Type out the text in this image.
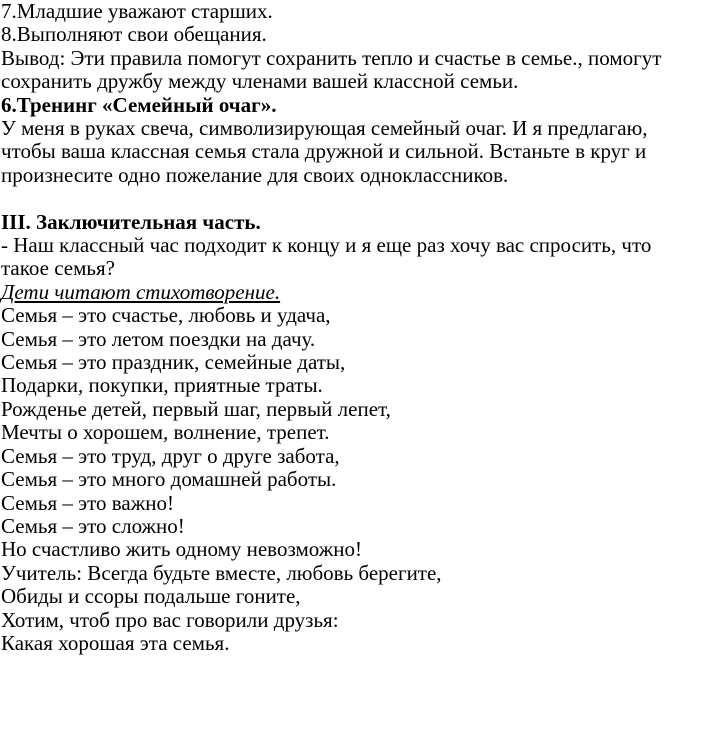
7.Младшие уважают старших.
8.Выполняют свои обещания.
Вывод: Эти правила помогут сохранить тепло и счастье в семье., помогут
сохранить дружбу между членами вашей классной семьи.
6.Тренинг «Семейный очаг».
У меня в руках свеча, символизирующая семейный очаг. И я предлагаю,
чтобы ваша классная семья стала дружной и сильной. Встаньте в круг и
произнесите одно пожелание для своих одноклассников.
III. Заключительная часть.
- Наш классный час подходит к концу и я еще раз хочу вас спросить, что
такое семья?
Дети читают стихотворение.
Семья – это счастье, любовь и удача,
Семья – это летом поездки на дачу.
Семья – это праздник, семейные даты,
Подарки, покупки, приятные траты.
Рожденье детей, первый шаг, первый лепет,
Мечты о хорошем, волнение, трепет.
Семья – это труд, друг о друге забота,
Семья – это много домашней работы.
Семья – это важно!
Семья – это сложно!
Но счастливо жить одному невозможно!
Учитель: Всегда будьте вместе, любовь берегите,
Обиды и ссоры подальше гоните,
Хотим, чтоб про вас говорили друзья:
Какая хорошая эта семья.
